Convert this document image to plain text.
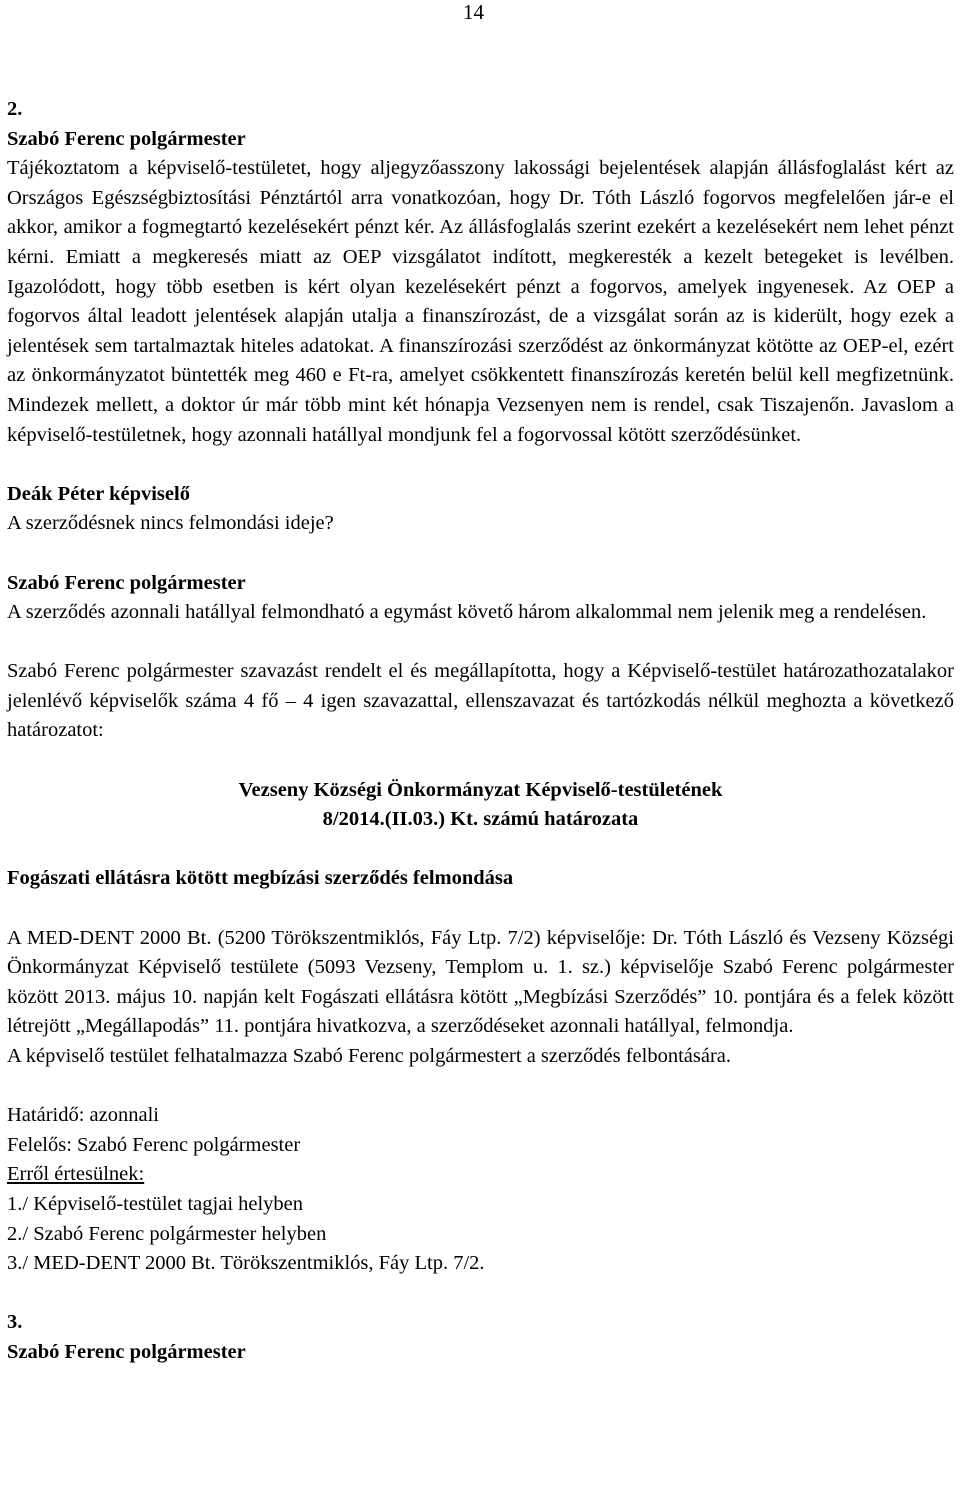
14

2.

Szabó Ferenc polgármester

Tájékoztatom a képviselő-testületet, hogy aljegyzőasszony lakossági bejelentések alapján állásfoglalást kért az Országos Egészségbiztosítási Pénztártól arra vonatkozóan, hogy Dr. Tóth László fogorvos megfelelően jár-e el akkor, amikor a fogmegtartó kezelésekért pénzt kér. Az állásfoglalás szerint ezekért a kezelésekért nem lehet pénzt kérni. Emiatt a megkeresés miatt az OEP vizsgálatot indított, megkeresték a kezelt betegeket is levélben. Igazolódott, hogy több esetben is kért olyan kezelésekért pénzt a fogorvos, amelyek ingyenesek. Az OEP a fogorvos által leadott jelentések alapján utalja a finanszírozást, de a vizsgálat során az is kiderült, hogy ezek a jelentések sem tartalmaztak hiteles adatokat. A finanszírozási szerződést az önkormányzat kötötte az OEP-el, ezért az önkormányzatot büntették meg 460 e Ft-ra, amelyet csökkentett finanszírozás keretén belül kell megfizetnünk. Mindezek mellett, a doktor úr már több mint két hónapja Vezsenyen nem is rendel, csak Tiszajenőn. Javaslom a képviselő-testületnek, hogy azonnali hatállyal mondjunk fel a fogorvossal kötött szerződésünket.

Deák Péter képviselő

A szerződésnek nincs felmondási ideje?

Szabó Ferenc polgármester

A szerződés azonnali hatállyal felmondható a egymást követő három alkalommal nem jelenik meg a rendelésen.

Szabó Ferenc polgármester szavazást rendelt el és megállapította, hogy a Képviselő-testület határozathozatalakor jelenlévő képviselők száma 4 fő – 4 igen szavazattal, ellenszavazat és tartózkodás nélkül meghozta a következő határozatot:

Vezseny Községi Önkormányzat Képviselő-testületének

8/2014.(II.03.) Kt. számú határozata

Fogászati ellátásra kötött megbízási szerződés felmondása

A MED-DENT 2000 Bt. (5200 Törökszentmiklós, Fáy Ltp. 7/2) képviselője: Dr. Tóth László és Vezseny Községi Önkormányzat Képviselő testülete (5093 Vezseny, Templom u. 1. sz.) képviselője Szabó Ferenc polgármester között 2013. május 10. napján kelt Fogászati ellátásra kötött „Megbízási Szerződés” 10. pontjára és a felek között létrejött „Megállapodás” 11. pontjára hivatkozva, a szerződéseket azonnali hatállyal, felmondja.

A képviselő testület felhatalmazza Szabó Ferenc polgármestert a szerződés felbontására.

Határidő: azonnali

Felelős: Szabó Ferenc polgármester

Erről értesülnek:

1./ Képviselő-testület tagjai helyben

2./ Szabó Ferenc polgármester helyben

3./ MED-DENT 2000 Bt. Törökszentmiklós, Fáy Ltp. 7/2.

3.

Szabó Ferenc polgármester
